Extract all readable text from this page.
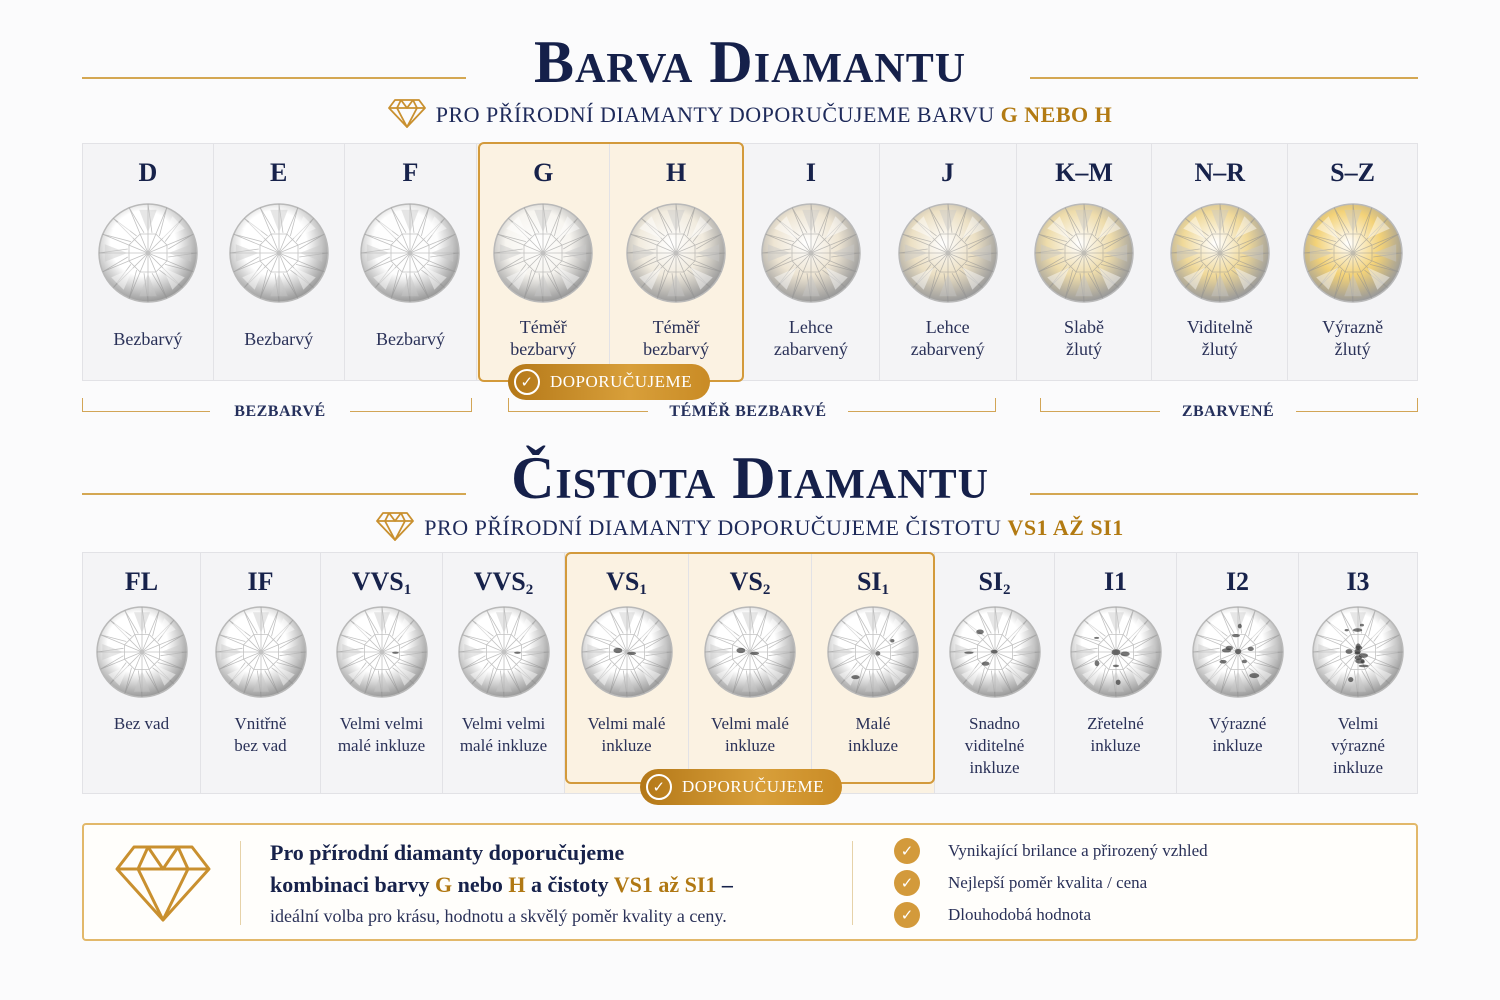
Barva Diamantu
PRO PŘÍRODNÍ DIAMANTY DOPORUČUJEME BARVU G NEBO H
D
Bezbarvý
E
Bezbarvý
F
Bezbarvý
G
Téměř
bezbarvý
H
Téměř
bezbarvý
I
Lehce
zabarvený
J
Lehce
zabarvený
K–M
Slabě
žlutý
N–R
Viditelně
žlutý
S–Z
Výrazně
žlutý
✓ DOPORUČUJEME
BEZBARVÉ	TÉMĚŘ BEZBARVÉ	ZBARVENÉ
Čistota Diamantu
PRO PŘÍRODNÍ DIAMANTY DOPORUČUJEME ČISTOTU VS1 AŽ SI1
FL
Bez vad
IF
Vnitřně
bez vad
$VVS_1$
Velmi velmi
malé inkluze
$VVS_2$
Velmi velmi
malé inkluze
$VS_1$
Velmi malé
inkluze
$VS_2$
Velmi malé
inkluze
$SI_1$
Malé
inkluze
$SI_2$
Snadno
viditelné
inkluze
I1
Zřetelné
inkluze
I2
Výrazné
inkluze
I3
Velmi
výrazné
inkluze
✓ DOPORUČUJEME
Pro přírodní diamanty doporučujeme
kombinaci barvy G nebo H a čistoty VS1 až SI1 –
ideální volba pro krásu, hodnotu a skvělý poměr kvality a ceny.
✓	Vynikající brilance a přirozený vzhled
✓	Nejlepší poměr kvalita / cena
✓	Dlouhodobá hodnota
